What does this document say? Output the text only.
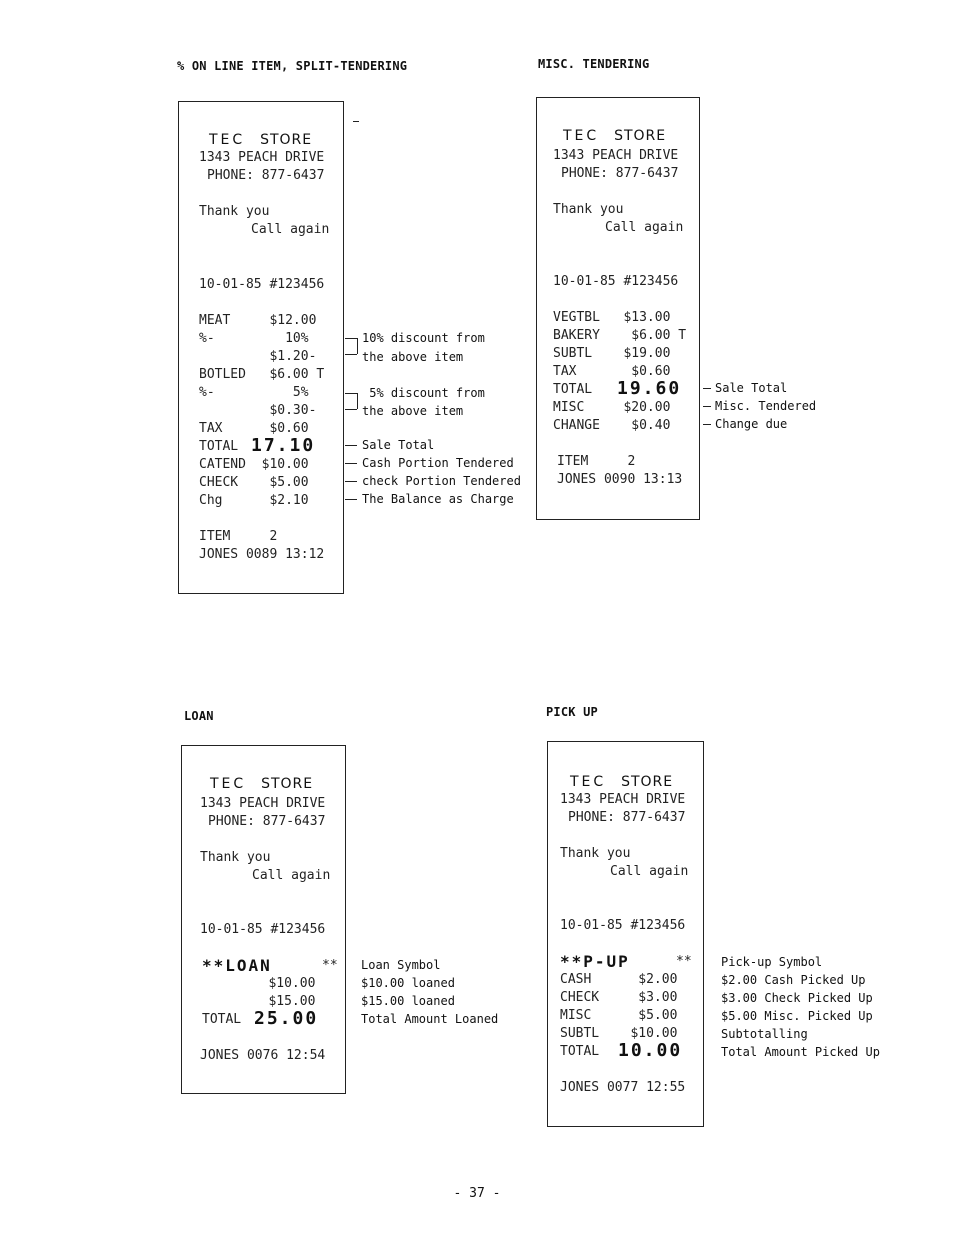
% ON LINE ITEM, SPLIT-TENDERING	MISC. TENDERING
LOAN	PICK UP
TEC STORE
1343 PEACH DRIVE
PHONE: 877-6437
Thank you
Call again
10-01-85 #123456
MEAT     $12.00
%-         10%
$1.20-
BOTLED   $6.00 T
%-          5%
$0.30-
TAX      $0.60
TOTAL 17.10
CATEND  $10.00
CHECK    $5.00
Chg      $2.10
ITEM     2
JONES 0089 13:12
10% discount from
the above item
5% discount from
the above item
Sale Total
Cash Portion Tendered
check Portion Tendered
The Balance as Charge
TEC STORE
1343 PEACH DRIVE
PHONE: 877-6437
Thank you
Call again
10-01-85 #123456
VEGTBL   $13.00
BAKERY    $6.00 T
SUBTL    $19.00
TAX       $0.60
TOTAL 19.60
MISC     $20.00
CHANGE    $0.40
ITEM     2
JONES 0090 13:13
Sale Total
Misc. Tendered
Change due
TEC STORE
1343 PEACH DRIVE
PHONE: 877-6437
Thank you
Call again
10-01-85 #123456
**LOAN	**
$10.00
$15.00
TOTAL 25.00
JONES 0076 12:54
Loan Symbol
$10.00 loaned
$15.00 loaned
Total Amount Loaned
TEC STORE
1343 PEACH DRIVE
PHONE: 877-6437
Thank you
Call again
10-01-85 #123456
**P-UP	**
CASH      $2.00
CHECK     $3.00
MISC      $5.00
SUBTL    $10.00
TOTAL 10.00
JONES 0077 12:55
Pick-up Symbol
$2.00 Cash Picked Up
$3.00 Check Picked Up
$5.00 Misc. Picked Up
Subtotalling
Total Amount Picked Up
- 37 -
